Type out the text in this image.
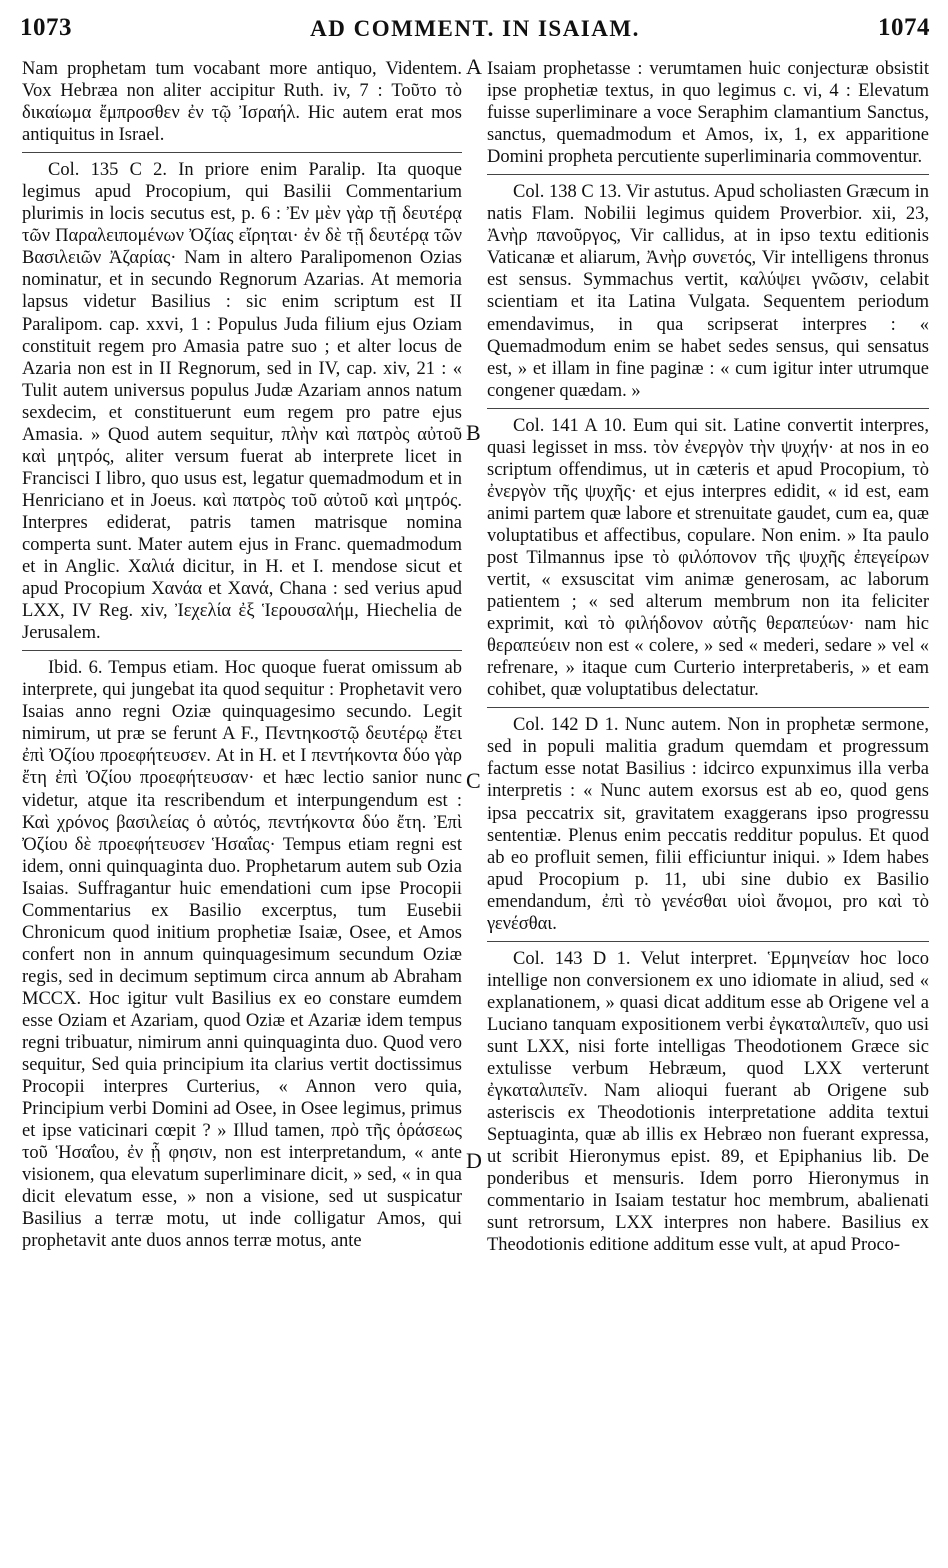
1073	AD COMMENT. IN ISAIAM.	1074
A
B
C
D

Nam prophetam tum vocabant more antiquo, Videntem. Vox Hebræa non aliter accipitur Ruth. iv, 7 : Τοῦτο τὸ δικαίωμα ἔμπροσθεν ἐν τῷ Ἰσραήλ. Hic autem erat mos antiquitus in Israel.

Col. 135 C 2. In priore enim Paralip. Ita quoque legimus apud Procopium, qui Basilii Commentarium plurimis in locis secutus est, p. 6 : Ἐν μὲν γὰρ τῇ δευτέρᾳ τῶν Παραλειπομένων Ὀζίας εἴρηται· ἐν δὲ τῇ δευτέρᾳ τῶν Βασιλειῶν Ἀζαρίας· Nam in altero Paralipomenon Ozias nominatur, et in secundo Regnorum Azarias. At memoria lapsus videtur Basilius : sic enim scriptum est II Paralipom. cap. xxvi, 1 : Populus Juda filium ejus Oziam constituit regem pro Amasia patre suo ; et alter locus de Azaria non est in II Regnorum, sed in IV, cap. xiv, 21 : « Tulit autem universus populus Judæ Azariam annos natum sexdecim, et constituerunt eum regem pro patre ejus Amasia. » Quod autem sequitur, πλὴν καὶ πατρὸς αὐτοῦ καὶ μητρός, aliter versum fuerat ab interprete licet in Francisci I libro, quo usus est, legatur quemadmodum et in Henriciano et in Joeus. καὶ πατρὸς τοῦ αὐτοῦ καὶ μητρός. Interpres ediderat, patris tamen matrisque nomina comperta sunt. Mater autem ejus in Franc. quemadmodum et in Anglic. Χαλιά dicitur, in H. et I. mendose sicut et apud Procopium Χανάα et Χανά, Chana : sed verius apud LXX, IV Reg. xiv, Ἰεχελία ἐξ Ἱερουσαλήμ, Hiechelia de Jerusalem.

Ibid. 6. Tempus etiam. Hoc quoque fuerat omissum ab interprete, qui jungebat ita quod sequitur : Prophetavit vero Isaias anno regni Oziæ quinquagesimo secundo. Legit nimirum, ut præ se ferunt A F., Πεντηκοστῷ δευτέρῳ ἔτει ἐπὶ Ὀζίου προεφήτευσεν. At in H. et I πεντήκοντα δύο γὰρ ἔτη ἐπὶ Ὀζίου προεφήτευσαν· et hæc lectio sanior nunc videtur, atque ita rescribendum et interpungendum est : Καὶ χρόνος βασιλείας ὁ αὐτός, πεντήκοντα δύο ἔτη. Ἐπὶ Ὀζίου δὲ προεφήτευσεν Ἡσαΐας· Tempus etiam regni est idem, onni quinquaginta duo. Prophetarum autem sub Ozia Isaias. Suffragantur huic emendationi cum ipse Procopii Commentarius ex Basilio excerptus, tum Eusebii Chronicum quod initium prophetiæ Isaiæ, Osee, et Amos confert non in annum quinquagesimum secundum Oziæ regis, sed in decimum septimum circa annum ab Abraham MCCX. Hoc igitur vult Basilius ex eo constare eumdem esse Oziam et Azariam, quod Oziæ et Azariæ idem tempus regni tribuatur, nimirum anni quinquaginta duo. Quod vero sequitur, Sed quia principium ita clarius vertit doctissimus Procopii interpres Curterius, « Annon vero quia, Principium verbi Domini ad Osee, in Osee legimus, primus et ipse vaticinari cœpit ? » Illud tamen, πρὸ τῆς ὁράσεως τοῦ Ἡσαΐου, ἐν ᾗ φησιν, non est interpretandum, « ante visionem, qua elevatum superliminare dicit, » sed, « in qua dicit elevatum esse, » non a visione, sed ut suspicatur Basilius a terræ motu, ut inde colligatur Amos, qui prophetavit ante duos annos terræ motus, ante

Isaiam prophetasse : verumtamen huic conjecturæ obsistit ipse prophetiæ textus, in quo legimus c. vi, 4 : Elevatum fuisse superliminare a voce Seraphim clamantium Sanctus, sanctus, quemadmodum et Amos, ix, 1, ex apparitione Domini propheta percutiente superliminaria commoventur.

Col. 138 C 13. Vir astutus. Apud scholiasten Græcum in natis Flam. Nobilii legimus quidem Proverbior. xii, 23, Ἀνὴρ πανοῦργος, Vir callidus, at in ipso textu editionis Vaticanæ et aliarum, Ἀνὴρ συνετός, Vir intelligens thronus est sensus. Symmachus vertit, καλύψει γνῶσιν, celabit scientiam et ita Latina Vulgata. Sequentem periodum emendavimus, in qua scripserat interpres : « Quemadmodum enim se habet sedes sensus, qui sensatus est, » et illam in fine paginæ : « cum igitur inter utrumque congener quædam. »

Col. 141 A 10. Eum qui sit. Latine convertit interpres, quasi legisset in mss. τὸν ἐνεργὸν τὴν ψυχήν· at nos in eo scriptum offendimus, ut in cæteris et apud Procopium, τὸ ἐνεργὸν τῆς ψυχῆς· et ejus interpres edidit, « id est, eam animi partem quæ labore et strenuitate gaudet, cum ea, quæ voluptatibus et affectibus, copulare. Non enim. » Ita paulo post Tilmannus ipse τὸ φιλόπονον τῆς ψυχῆς ἐπεγείρων vertit, « exsuscitat vim animæ generosam, ac laborum patientem ; « sed alterum membrum non ita feliciter exprimit, καὶ τὸ φιλήδονον αὐτῆς θεραπεύων· nam hic θεραπεύειν non est « colere, » sed « mederi, sedare » vel « refrenare, » itaque cum Curterio interpretaberis, » et eam cohibet, quæ voluptatibus delectatur.

Col. 142 D 1. Nunc autem. Non in prophetæ sermone, sed in populi malitia gradum quemdam et progressum factum esse notat Basilius : idcirco expunximus illa verba interpretis : « Nunc autem exorsus est ab eo, quod gens ipsa peccatrix sit, gravitatem exaggerans ipso progressu sententiæ. Plenus enim peccatis redditur populus. Et quod ab eo profluit semen, filii efficiuntur iniqui. » Idem habes apud Procopium p. 11, ubi sine dubio ex Basilio emendandum, ἐπὶ τὸ γενέσθαι υἱοὶ ἄνομοι, pro καὶ τὸ γενέσθαι.

Col. 143 D 1. Velut interpret. Ἑρμηνείαν hoc loco intellige non conversionem ex uno idiomate in aliud, sed « explanationem, » quasi dicat additum esse ab Origene vel a Luciano tanquam expositionem verbi ἐγκαταλιπεῖν, quo usi sunt LXX, nisi forte intelligas Theodotionem Græce sic extulisse verbum Hebræum, quod LXX verterunt ἐγκαταλιπεῖν. Nam alioqui fuerant ab Origene sub asteriscis ex Theodotionis interpretatione addita textui Septuaginta, quæ ab illis ex Hebræo non fuerant expressa, ut scribit Hieronymus epist. 89, et Epiphanius lib. De ponderibus et mensuris. Idem porro Hieronymus in commentario in Isaiam testatur hoc membrum, abalienati sunt retrorsum, LXX interpres non habere. Basilius ex Theodotionis editione additum esse vult, at apud Proco-
